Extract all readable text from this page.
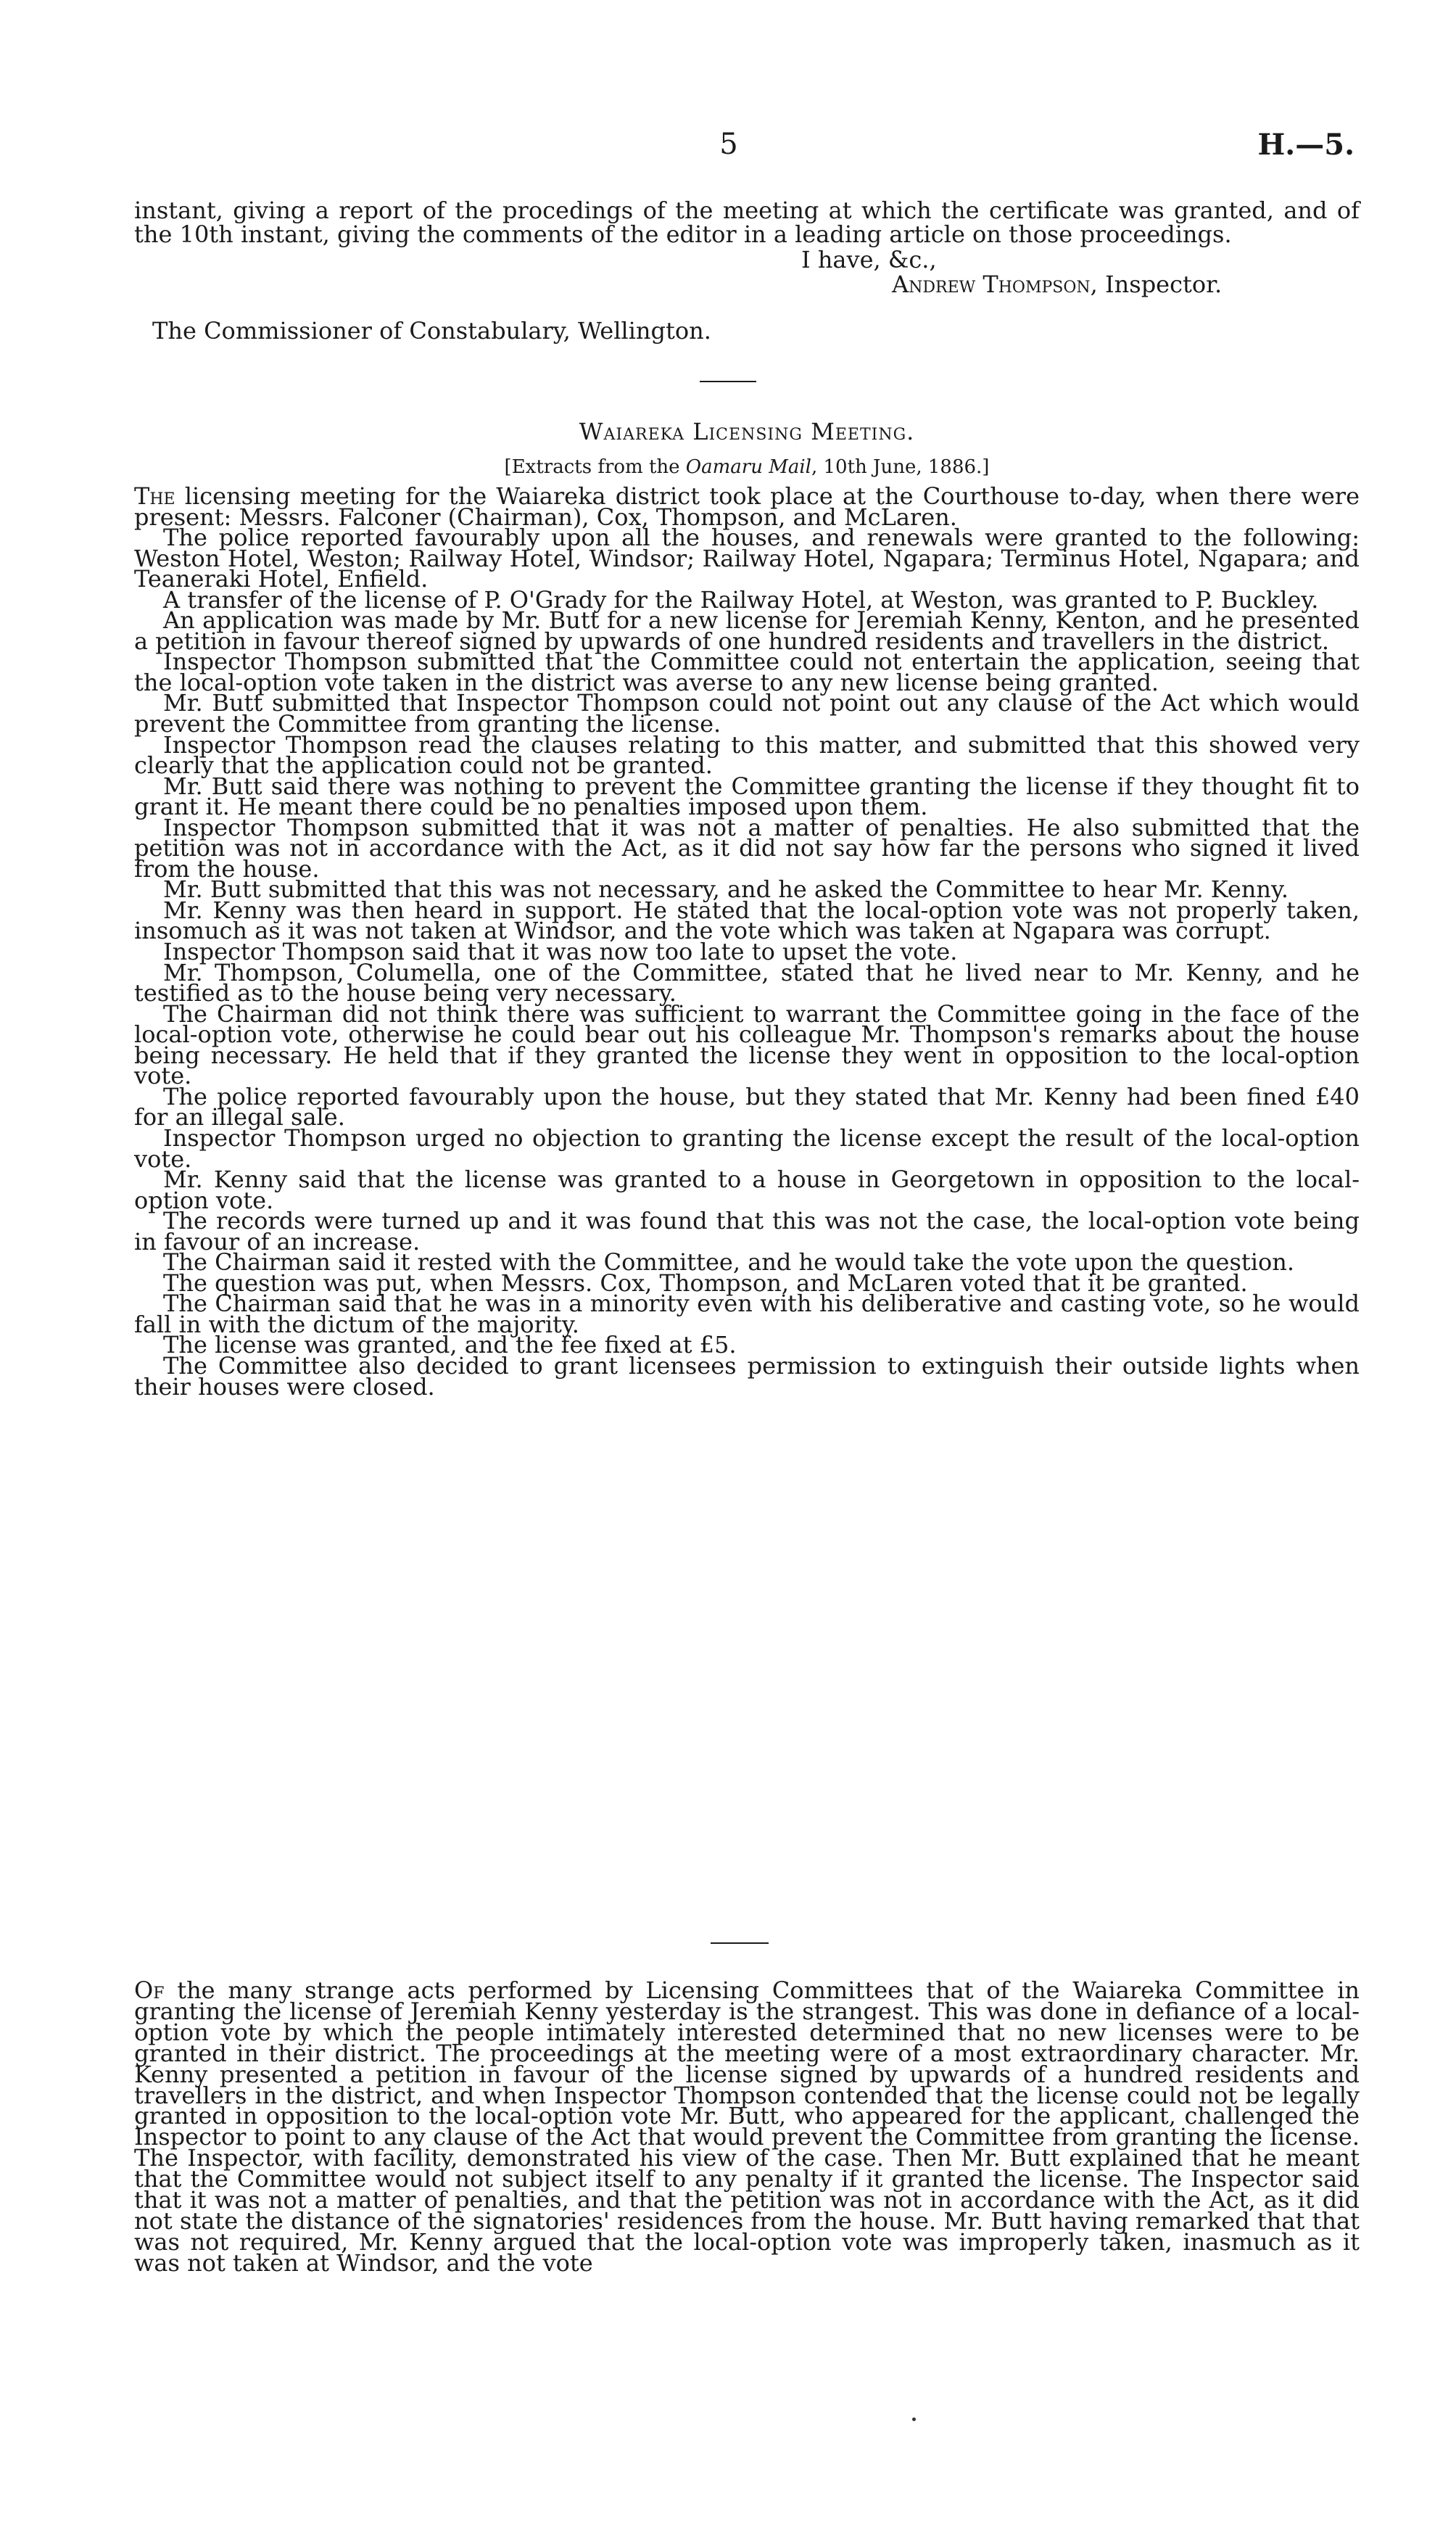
5	H.—5.

instant, giving a report of the procedings of the meeting at which the certificate was granted, and of the 10th instant, giving the comments of the editor in a leading article on those proceedings.

I have, &c.,
Andrew Thompson, Inspector.
The Commissioner of Constabulary, Wellington.
Waiareka Licensing Meeting.
[Extracts from the Oamaru Mail, 10th June, 1886.]

The licensing meeting for the Waiareka district took place at the Courthouse to-day, when there were present: Messrs. Falconer (Chairman), Cox, Thompson, and McLaren.

The police reported favourably upon all the houses, and renewals were granted to the following: Weston Hotel, Weston; Railway Hotel, Windsor; Railway Hotel, Ngapara; Terminus Hotel, Ngapara; and Teaneraki Hotel, Enfield.

A transfer of the license of P. O'Grady for the Railway Hotel, at Weston, was granted to P. Buckley.

An application was made by Mr. Butt for a new license for Jeremiah Kenny, Kenton, and he presented a petition in favour thereof signed by upwards of one hundred residents and travellers in the district.

Inspector Thompson submitted that the Committee could not entertain the application, seeing that the local-option vote taken in the district was averse to any new license being granted.

Mr. Butt submitted that Inspector Thompson could not point out any clause of the Act which would prevent the Committee from granting the license.

Inspector Thompson read the clauses relating to this matter, and submitted that this showed very clearly that the application could not be granted.

Mr. Butt said there was nothing to prevent the Committee granting the license if they thought fit to grant it. He meant there could be no penalties imposed upon them.

Inspector Thompson submitted that it was not a matter of penalties. He also submitted that the petition was not in accordance with the Act, as it did not say how far the persons who signed it lived from the house.

Mr. Butt submitted that this was not necessary, and he asked the Committee to hear Mr. Kenny.

Mr. Kenny was then heard in support. He stated that the local-option vote was not properly taken, insomuch as it was not taken at Windsor, and the vote which was taken at Ngapara was corrupt.

Inspector Thompson said that it was now too late to upset the vote.

Mr. Thompson, Columella, one of the Committee, stated that he lived near to Mr. Kenny, and he testified as to the house being very necessary.

The Chairman did not think there was sufficient to warrant the Committee going in the face of the local-option vote, otherwise he could bear out his colleague Mr. Thompson's remarks about the house being necessary. He held that if they granted the license they went in opposition to the local-option vote.

The police reported favourably upon the house, but they stated that Mr. Kenny had been fined £40 for an illegal sale.

Inspector Thompson urged no objection to granting the license except the result of the local-option vote.

Mr. Kenny said that the license was granted to a house in Georgetown in opposition to the local-option vote.

The records were turned up and it was found that this was not the case, the local-option vote being in favour of an increase.

The Chairman said it rested with the Committee, and he would take the vote upon the question.

The question was put, when Messrs. Cox, Thompson, and McLaren voted that it be granted.

The Chairman said that he was in a minority even with his deliberative and casting vote, so he would fall in with the dictum of the majority.

The license was granted, and the fee fixed at £5.

The Committee also decided to grant licensees permission to extinguish their outside lights when their houses were closed.

Of the many strange acts performed by Licensing Committees that of the Waiareka Committee in granting the license of Jeremiah Kenny yesterday is the strangest. This was done in defiance of a local-option vote by which the people intimately interested determined that no new licenses were to be granted in their district. The proceedings at the meeting were of a most extraordinary character. Mr. Kenny presented a petition in favour of the license signed by upwards of a hundred residents and travellers in the district, and when Inspector Thompson contended that the license could not be legally granted in opposition to the local-option vote Mr. Butt, who appeared for the applicant, challenged the Inspector to point to any clause of the Act that would prevent the Committee from granting the license. The Inspector, with facility, demonstrated his view of the case. Then Mr. Butt explained that he meant that the Committee would not subject itself to any penalty if it granted the license. The Inspector said that it was not a matter of penalties, and that the petition was not in accordance with the Act, as it did not state the distance of the signatories' residences from the house. Mr. Butt having remarked that that was not required, Mr. Kenny argued that the local-option vote was improperly taken, inasmuch as it was not taken at Windsor, and the vote
